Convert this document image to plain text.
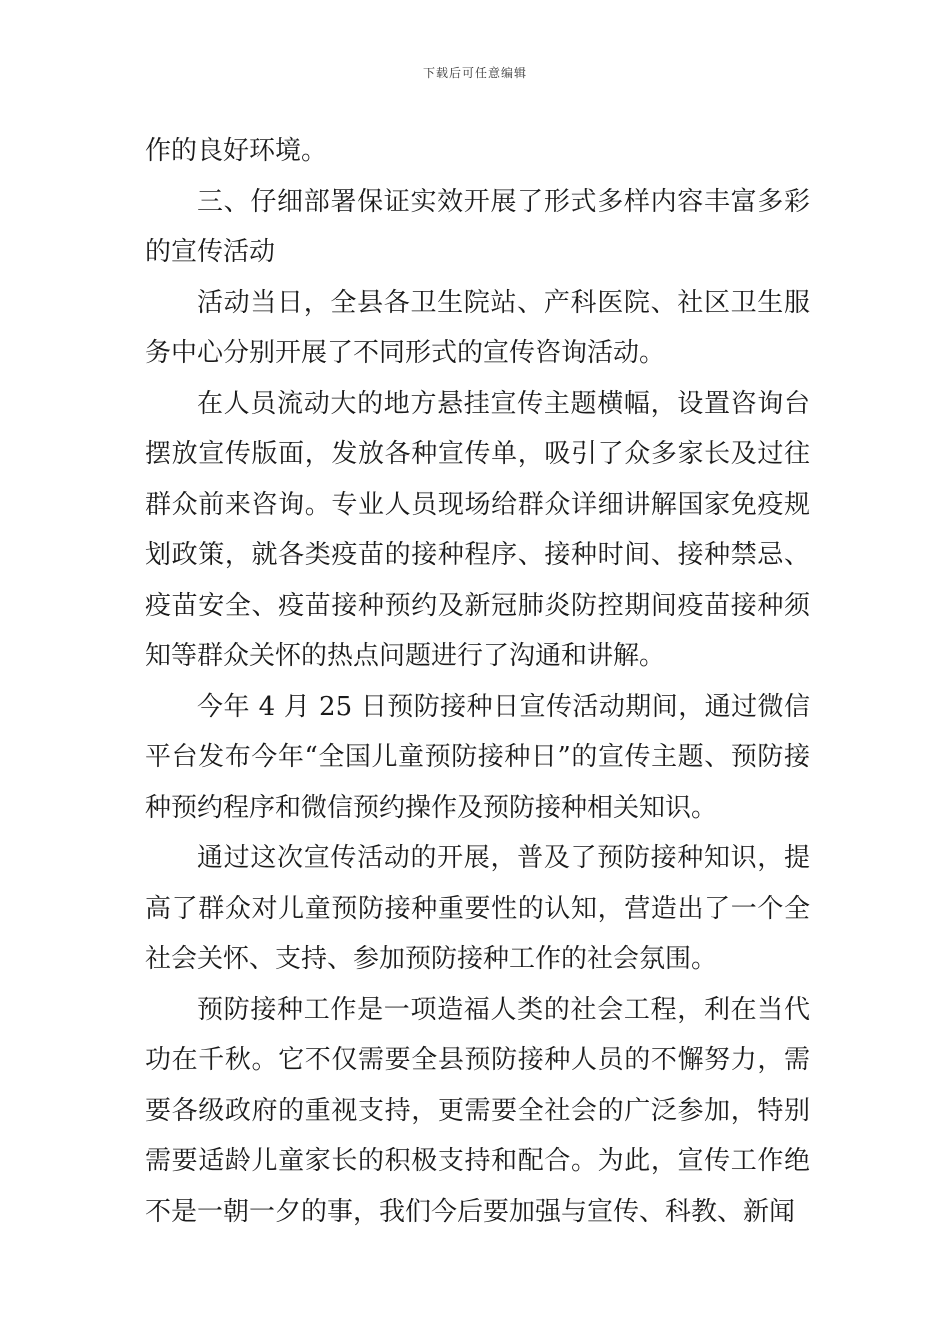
下载后可任意编辑

作的良好环境。

三、仔细部署保证实效开展了形式多样内容丰富多彩的宣传活动

活动当日，全县各卫生院站、产科医院、社区卫生服务中心分别开展了不同形式的宣传咨询活动。

在人员流动大的地方悬挂宣传主题横幅，设置咨询台摆放宣传版面，发放各种宣传单，吸引了众多家长及过往群众前来咨询。专业人员现场给群众详细讲解国家免疫规划政策，就各类疫苗的接种程序、接种时间、接种禁忌、疫苗安全、疫苗接种预约及新冠肺炎防控期间疫苗接种须知等群众关怀的热点问题进行了沟通和讲解。

今年 4 月 25 日预防接种日宣传活动期间，通过微信平台发布今年“全国儿童预防接种日”的宣传主题、预防接种预约程序和微信预约操作及预防接种相关知识。

通过这次宣传活动的开展，普及了预防接种知识，提高了群众对儿童预防接种重要性的认知，营造出了一个全社会关怀、支持、参加预防接种工作的社会氛围。

预防接种工作是一项造福人类的社会工程，利在当代功在千秋。它不仅需要全县预防接种人员的不懈努力，需要各级政府的重视支持，更需要全社会的广泛参加，特别需要适龄儿童家长的积极支持和配合。为此，宣传工作绝不是一朝一夕的事，我们今后要加强与宣传、科教、新闻
